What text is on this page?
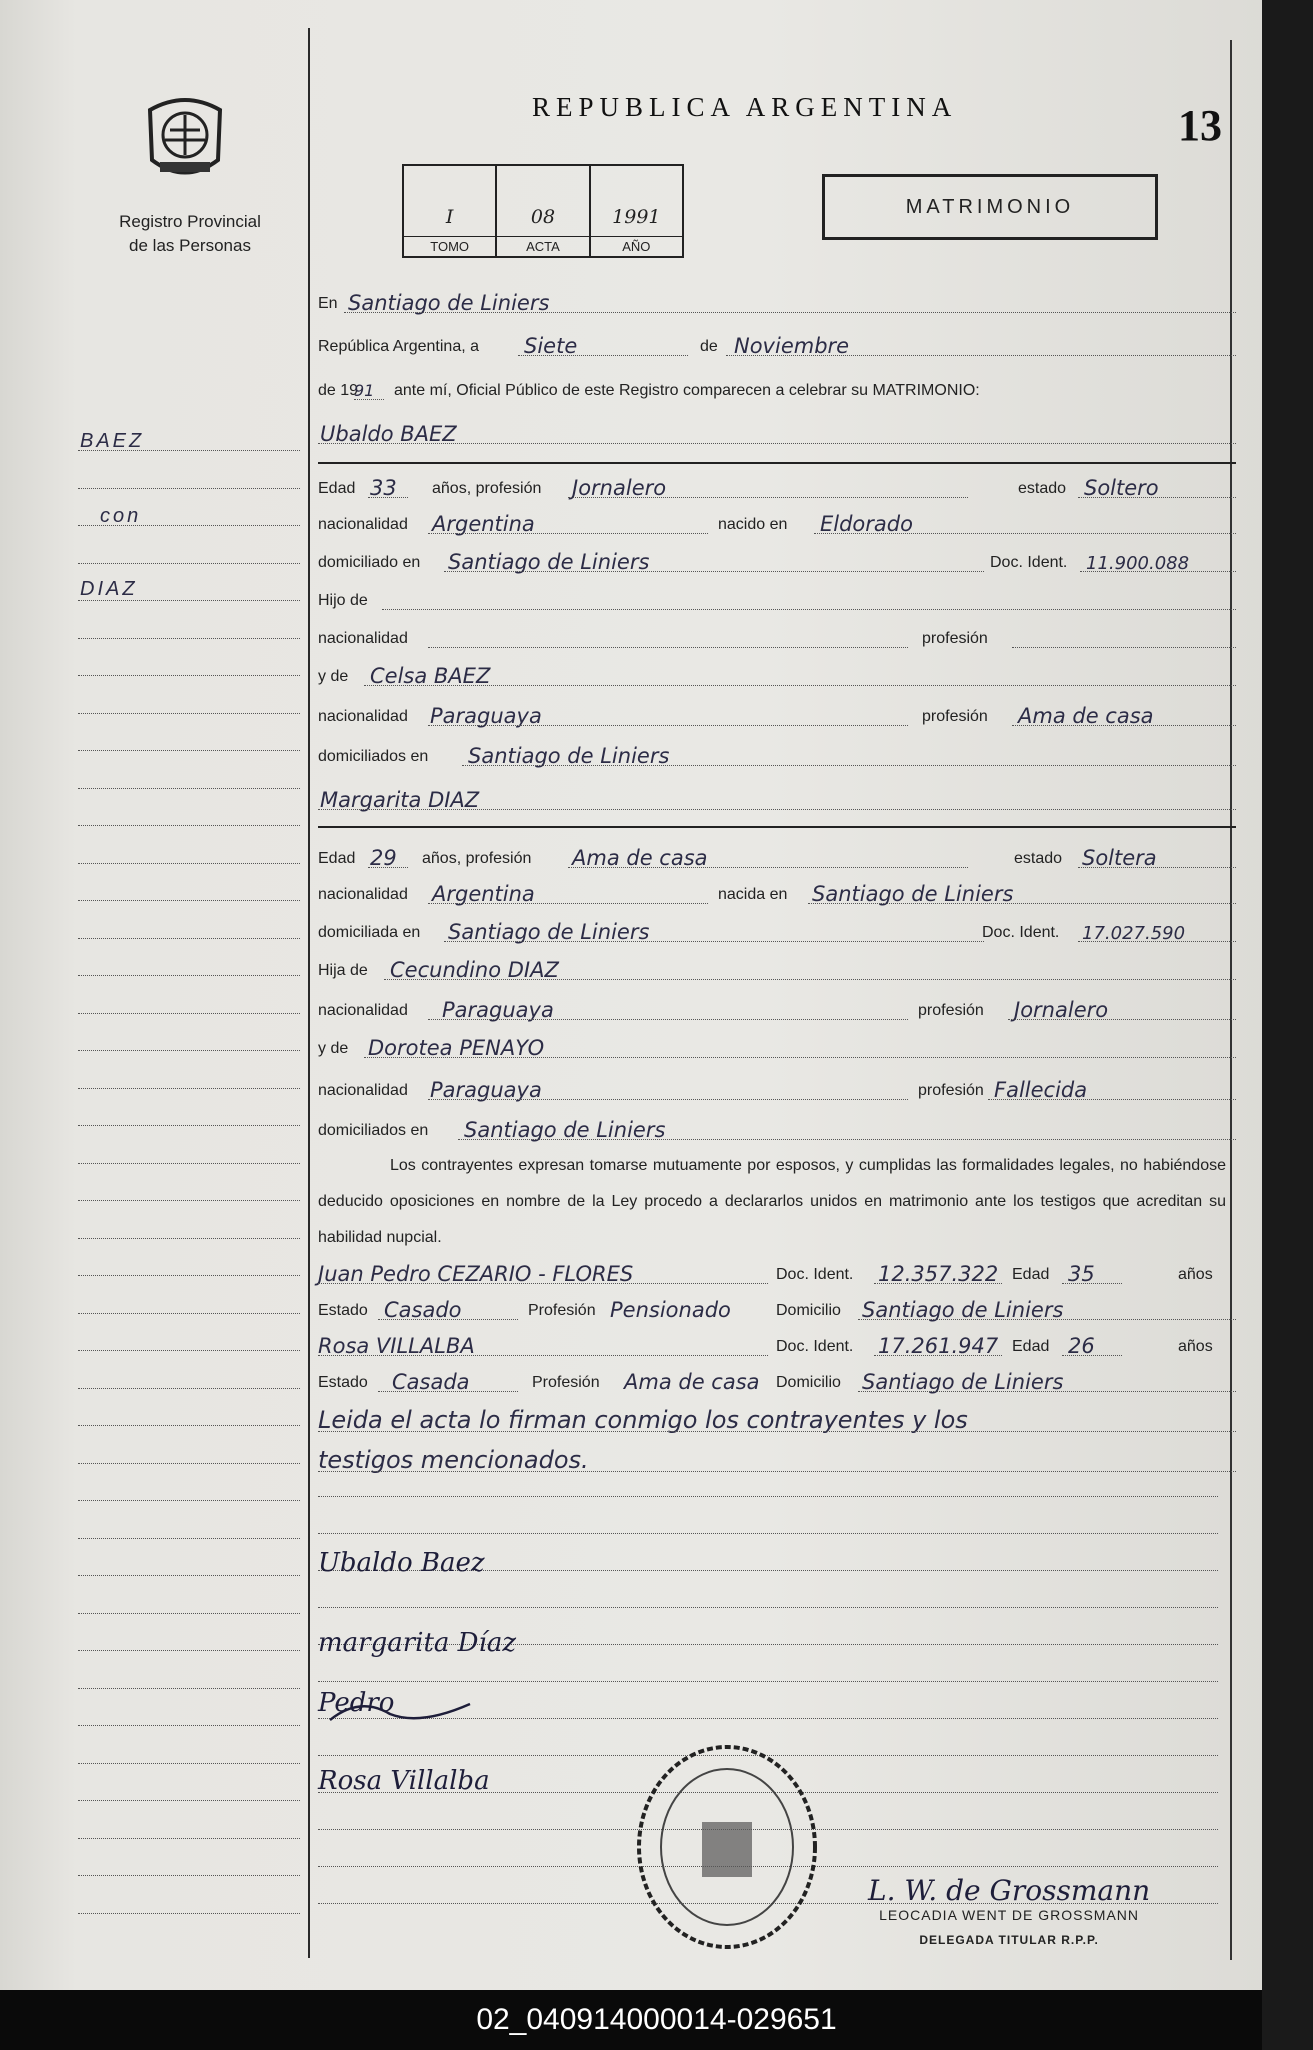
Registro Provincial
de las Personas
REPUBLICA ARGENTINA	13
I
TOMO
08
ACTA
1991
AÑO
MATRIMONIO
BAEZ
con
DIAZ
En Santiago de Liniers
República Argentina, a Siete	de Noviembre
de 19
91 ante mí, Oficial Público de este Registro comparecen a celebrar su MATRIMONIO:
Ubaldo BAEZ
Edad 33 años, profesión Jornalero	estado Soltero
nacionalidad Argentina	nacido en Eldorado
domiciliado en Santiago de Liniers	Doc. Ident. 11.900.088
Hijo de
nacionalidad	profesión
y de Celsa BAEZ
nacionalidad Paraguaya	profesión Ama de casa
domiciliados en Santiago de Liniers
Margarita DIAZ
Edad 29 años, profesión Ama de casa	estado Soltera
nacionalidad Argentina	nacida en Santiago de Liniers
domiciliada en Santiago de Liniers	Doc. Ident. 17.027.590
Hija de Cecundino DIAZ
nacionalidad Paraguaya	profesión Jornalero
y de Dorotea PENAYO
nacionalidad Paraguaya	profesión Fallecida
domiciliados en Santiago de Liniers
Los contrayentes expresan tomarse mutuamente por esposos, y cumplidas las formalidades legales, no habiéndose deducido oposiciones en nombre de la Ley procedo a declararlos unidos en matrimonio ante los testigos que acreditan su habilidad nupcial.
Juan Pedro CEZARIO - FLORES	Doc. Ident. 12.357.322 Edad 35	años
Estado Casado	Profesión Pensionado	Domicilio Santiago de Liniers
Rosa VILLALBA	Doc. Ident. 17.261.947 Edad 26	años
Estado Casada	Profesión Ama de casa Domicilio Santiago de Liniers
Leida el acta lo firman conmigo los contrayentes y los
testigos mencionados.
Ubaldo Baez
margarita Díaz
Pedro
Rosa Villalba
L. W. de Grossmann
LEOCADIA WENT DE GROSSMANN
DELEGADA TITULAR R.P.P.
02_040914000014-029651
